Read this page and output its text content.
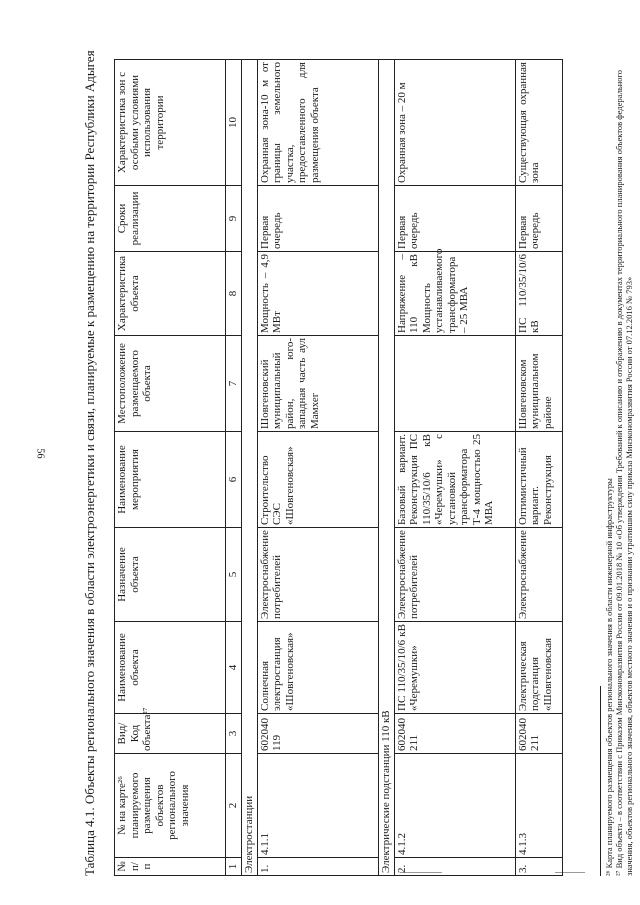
56	Таблица 4.1. Объекты регионального значения в области электроэнергетики и связи, планируемые к размещению на территории Республики Адыгея № п/п	№ на карте²⁶ планируемого размещения объектов регионального значения	Вид/ Код объекта²⁷	Наименование объекта	Назначение объекта	Наименование мероприятия	Местоположение размещаемого объекта	Характеристика объекта	Сроки реализации	Характеристика зон с особыми условиями использования территории
1	2	3	4	5	6	7	8	9	10
Электростанции									
1.	4.1.1	602040119	Солнечная электростанция «Шовгеновская»	Электроснабжение потребителей	Строительство СЭС «Шовгеновская»	Шовгеновский муниципальный район, юго-западная часть аул Мамхег	Мощность – 4,9 МВт	Первая очередь	Охранная зона-10 м от границы земельного участка, предоставленного для размещения объекта
Электрические подстанции 110 кВ									
2.	4.1.2	602040211	ПС 110/35/10/6 кВ «Черемушки»	Электроснабжение потребителей	Базовый вариант. Реконструкция ПС 110/35/10/6 кВ «Черемушки» с установкой трансформатора Т-4 мощностью 25 МВА		Напряжение – 110 кВ Мощность устанавливаемого трансформатора – 25 МВА	Первая очередь	Охранная зона – 20 м
3.	4.1.3	602040211	Электрическая подстанция «Шовгеновская	Электроснабжение	Оптимистичный вариант. Реконструкция	Шовгеновском муниципальном районе	ПС 110/35/10/6 кВ	Первая очередь	Существующая охранная зона
²⁶ Карта планируемого размещения объектов регионального значения в области инженерной инфраструктуры ²⁷ Вид объекта – в соответствии с Приказом Минэкономразвития России от 09.01.2018 № 10 «Об утверждении Требований к описанию и отображению в документах территориального планирования объектов федерального значения, объектов регионального значения, объектов местного значения и о признании утратившим силу приказа Минэкономразвития России от 07.12.2016 № 793»
